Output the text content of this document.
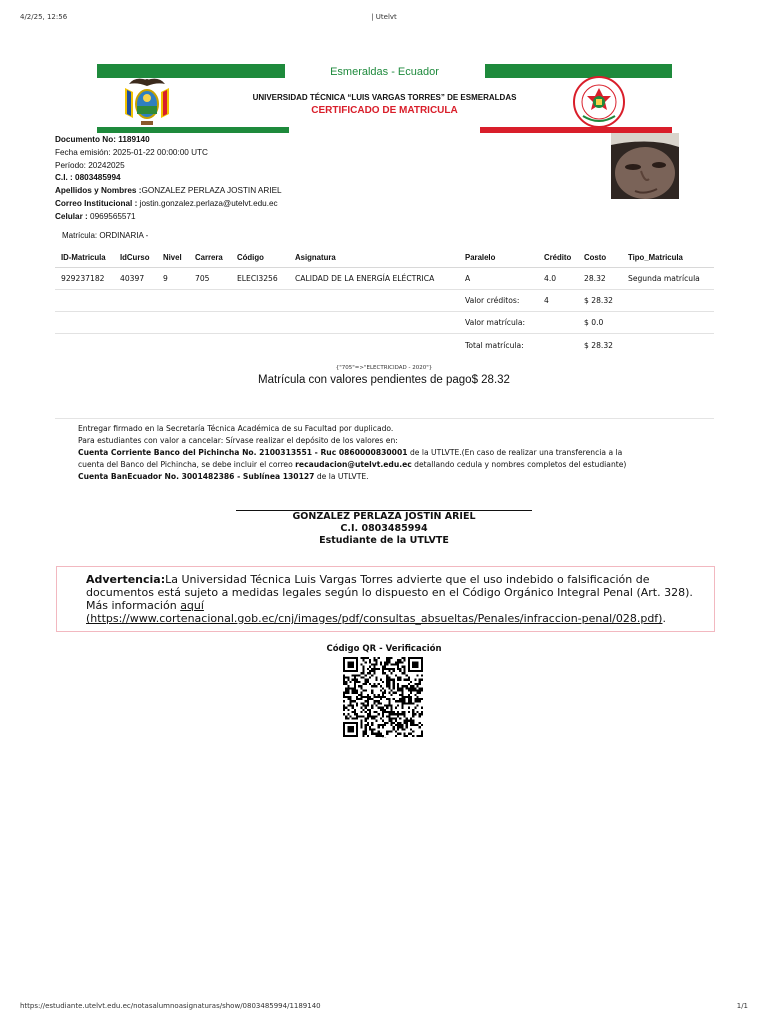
4/2/25, 12:56	| Utelvt
Esmeraldas - Ecuador
UNIVERSIDAD TÉCNICA “LUIS VARGAS TORRES” DE ESMERALDAS
CERTIFICADO DE MATRICULA
Documento No: 1189140
Fecha emisión: 2025-01-22 00:00:00 UTC
Período: 20242025
C.I. : 0803485994
Apellidos y Nombres :GONZALEZ PERLAZA JOSTIN ARIEL
Correo Institucional : jostin.gonzalez.perlaza@utelvt.edu.ec
Celular : 0969565571
Matrícula: ORDINARIA -
ID-Matricula IdCurso Nivel Carrera Código	Asignatura	Paralelo	Crédito Costo	Tipo_Matricula
929237182 40397 9	705	ELECI3256 CALIDAD DE LA ENERGÍA ELÉCTRICA	A	4.0	28.32	Segunda matrícula
Valor créditos:	4	$ 28.32
Valor matrícula:	$ 0.0
Total matrícula:	$ 28.32
{"705"=>"ELECTRICIDAD - 2020"}
Matrícula con valores pendientes de pago$ 28.32
Entregar firmado en la Secretaría Técnica Académica de su Facultad por duplicado.
Para estudiantes con valor a cancelar: Sírvase realizar el depósito de los valores en:
Cuenta Corriente Banco del Pichincha No. 2100313551 - Ruc 0860000830001 de la UTLVTE.(En caso de realizar una transferencia a la
cuenta del Banco del Pichincha, se debe incluir el correo recaudacion@utelvt.edu.ec detallando cedula y nombres completos del estudiante)
Cuenta BanEcuador No. 3001482386 - Sublínea 130127 de la UTLVTE.
GONZALEZ PERLAZA JOSTIN ARIEL
C.I. 0803485994
Estudiante de la UTLVTE
Advertencia:La Universidad Técnica Luis Vargas Torres advierte que el uso indebido o falsificación de documentos está sujeto a medidas legales según lo dispuesto en el Código Orgánico Integral Penal (Art. 328). Más información aquí
(https://www.cortenacional.gob.ec/cnj/images/pdf/consultas_absueltas/Penales/infraccion-penal/028.pdf).
Código QR - Verificación
---
https://estudiante.utelvt.edu.ec/notasalumnoasignaturas/show/0803485994/1189140	1/1
